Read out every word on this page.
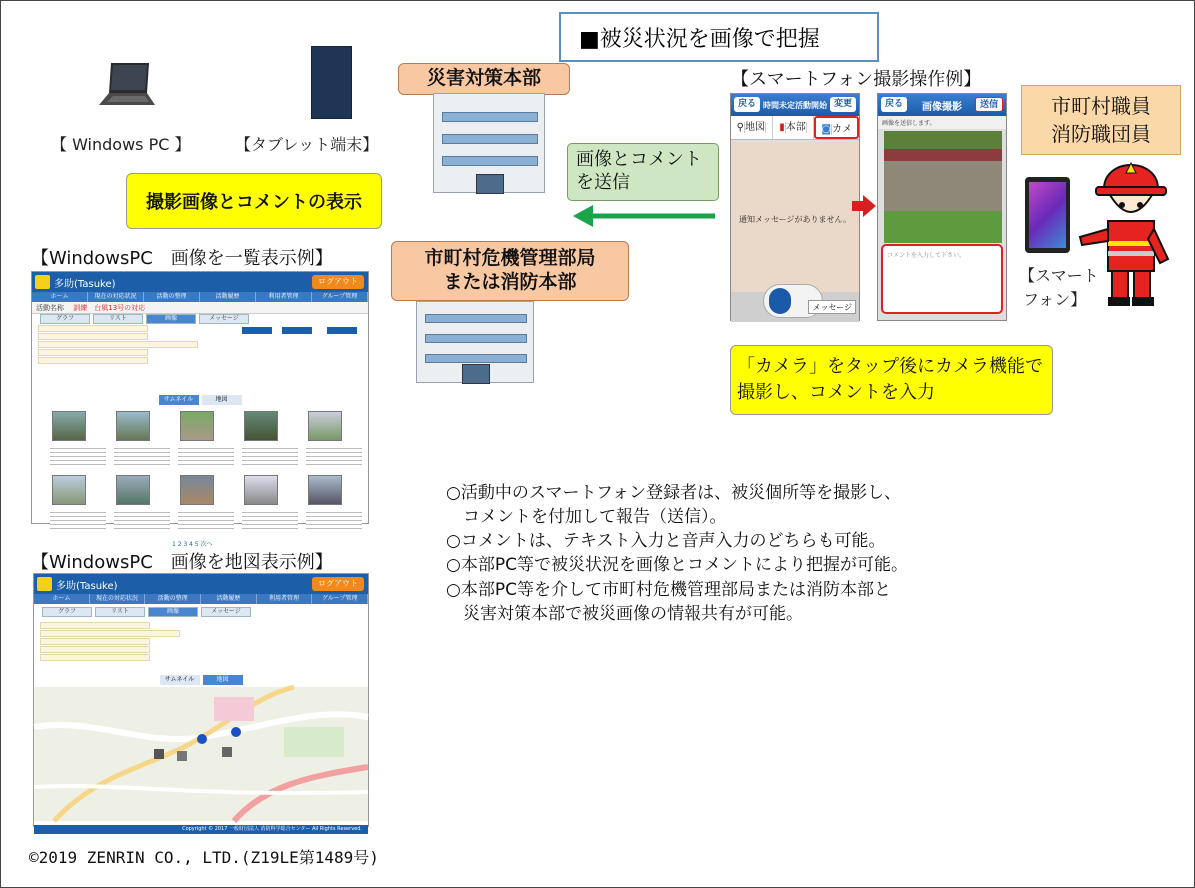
■被災状況を画像で把握
【 Windows PC 】	【タブレット端末】
災害対策本部
市町村危機管理部局
または消防本部
撮影画像とコメントの表示
画像とコメント
を送信
【WindowsPC　画像を一覧表示例】
【WindowsPC　画像を地図表示例】
【スマートフォン撮影操作例】
多助(Tasuke)	ログアウト
ホーム	現在の対応状況	活動の整理	活動履歴	利用者管理	グループ管理
活動名称　 訓練　台風13号の対応
グラフ	リスト	画像	メッセージ
サムネイル	地図
1 2 3 4 5 次へ
多助(Tasuke)	ログアウト
ホーム	現在の対応状況	活動の整理	活動履歴	利用者管理	グループ管理
グラフ	リスト	画像	メッセージ
サムネイル	地図
Copyright © 2017 一般財団法人 消防科学総合センター All Rights Reserved.
戻る 時間未定活動開始 変更
⚲地図	▮本部	◙カメ
通知メッセージがありません。
メッセージ
戻る	画像撮影	送信
画像を送信します。
コメントを入力して下さい。
市町村職員
消防職団員
【スマート
フォン】
「カメラ」をタップ後にカメラ機能で
撮影し、コメントを入力
○活動中のスマートフォン登録者は、被災個所等を撮影し、
　コメントを付加して報告（送信）。
○コメントは、テキスト入力と音声入力のどちらも可能。
○本部PC等で被災状況を画像とコメントにより把握が可能。
○本部PC等を介して市町村危機管理部局または消防本部と
　災害対策本部で被災画像の情報共有が可能。
©2019 ZENRIN CO., LTD.(Z19LE第1489号)
